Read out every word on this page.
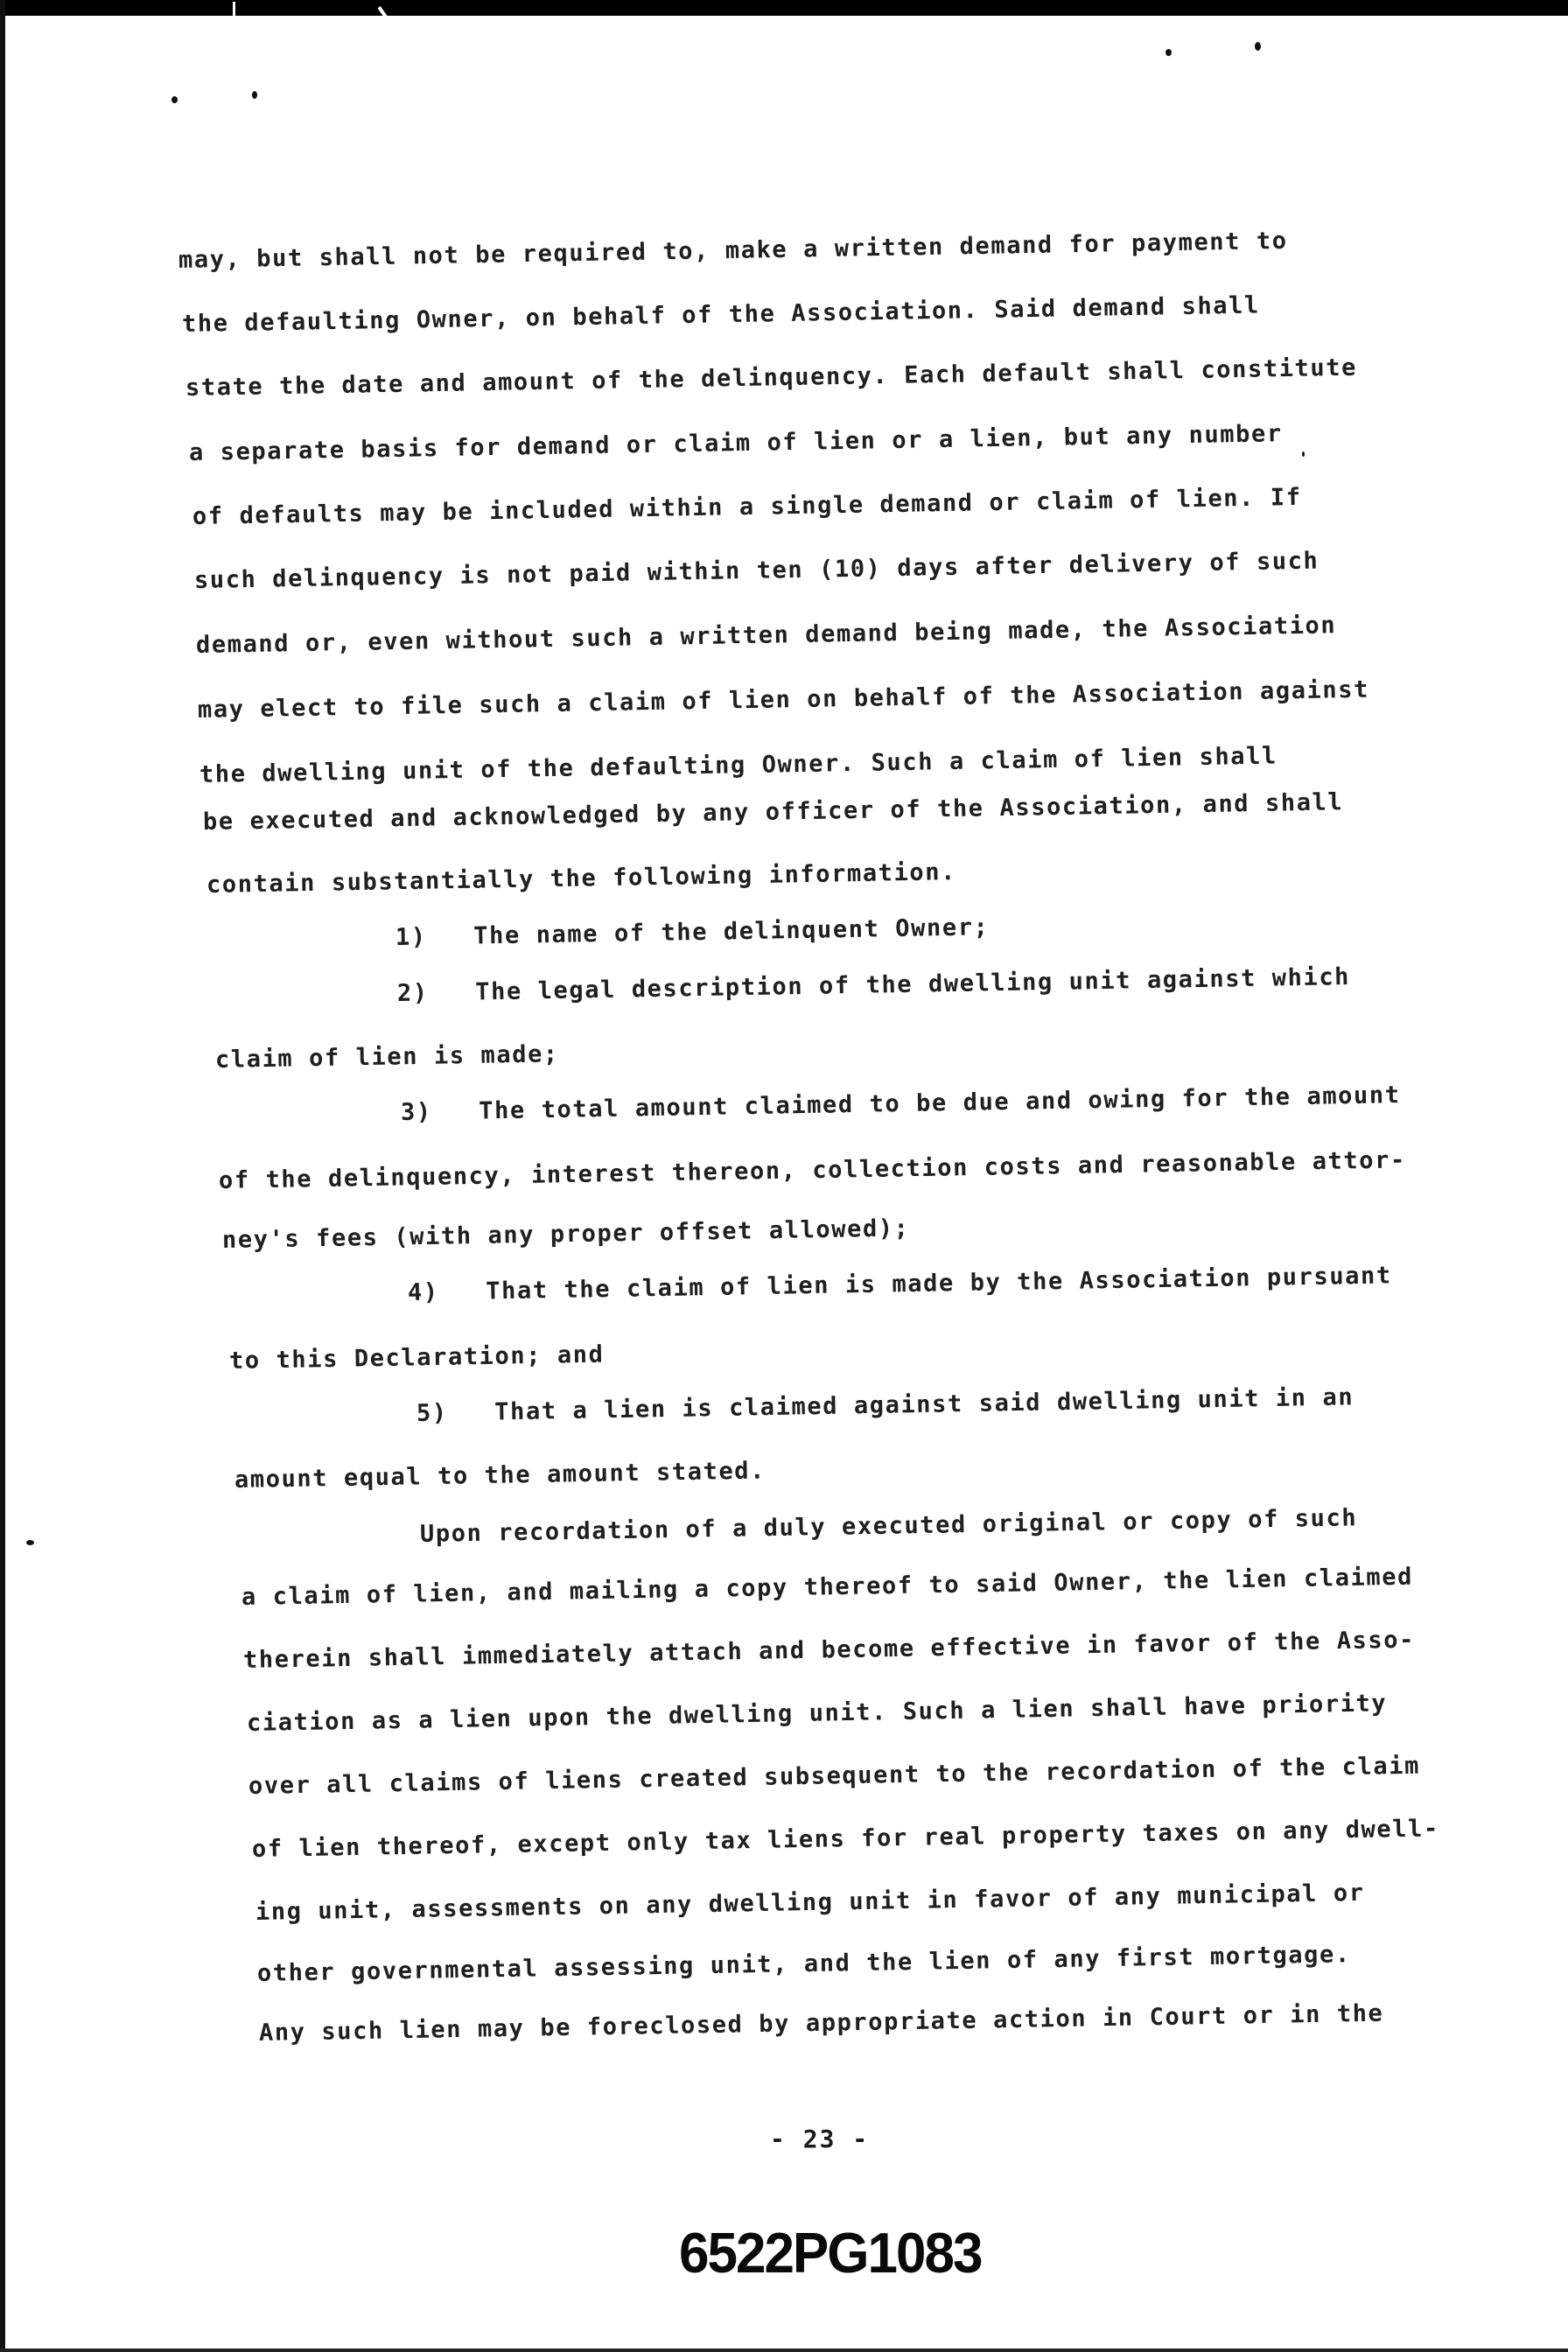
may, but shall not be required to, make a written demand for payment to
the defaulting Owner, on behalf of the Association. Said demand shall
state the date and amount of the delinquency. Each default shall constitute
a separate basis for demand or claim of lien or a lien, but any number
of defaults may be included within a single demand or claim of lien. If
such delinquency is not paid within ten (10) days after delivery of such
demand or, even without such a written demand being made, the Association
may elect to file such a claim of lien on behalf of the Association against
the dwelling unit of the defaulting Owner. Such a claim of lien shall
be executed and acknowledged by any officer of the Association, and shall
contain substantially the following information.
1)   The name of the delinquent Owner;
2)   The legal description of the dwelling unit against which
claim of lien is made;
3)   The total amount claimed to be due and owing for the amount
of the delinquency, interest thereon, collection costs and reasonable attor-
ney's fees (with any proper offset allowed);
4)   That the claim of lien is made by the Association pursuant
to this Declaration; and
5)   That a lien is claimed against said dwelling unit in an
amount equal to the amount stated.
Upon recordation of a duly executed original or copy of such
a claim of lien, and mailing a copy thereof to said Owner, the lien claimed
therein shall immediately attach and become effective in favor of the Asso-
ciation as a lien upon the dwelling unit. Such a lien shall have priority
over all claims of liens created subsequent to the recordation of the claim
of lien thereof, except only tax liens for real property taxes on any dwell-
ing unit, assessments on any dwelling unit in favor of any municipal or
other governmental assessing unit, and the lien of any first mortgage.
Any such lien may be foreclosed by appropriate action in Court or in the
- 23 -
6522PG1083
